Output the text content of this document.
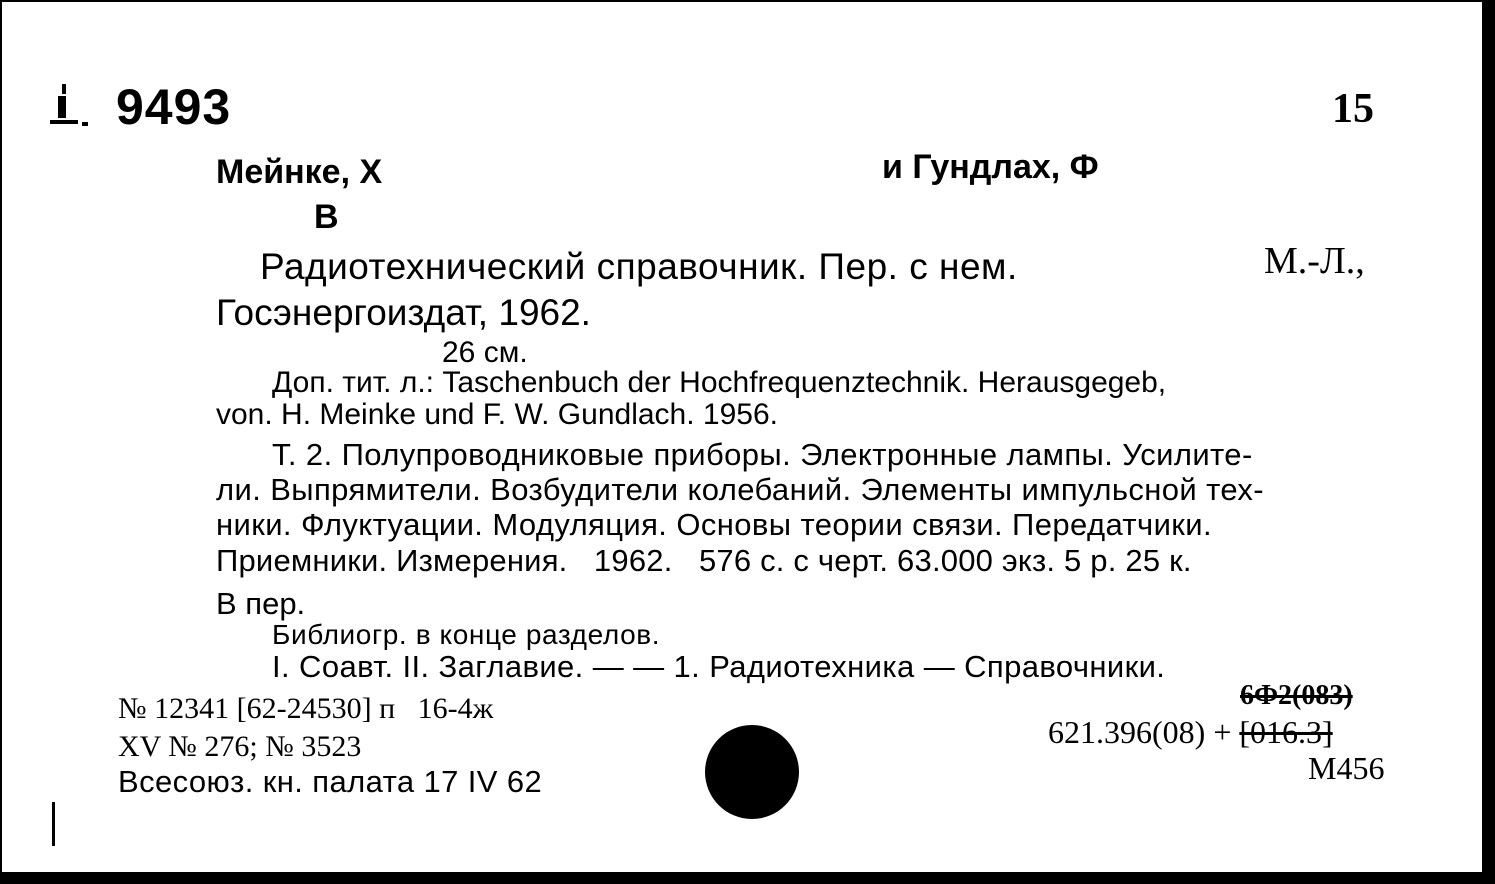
9493	15
Мейнке, Х	и Гундлах, Ф
В
Радиотехнический справочник. Пер. с нем.	М.-Л.,
Госэнергоиздат, 1962.
26 см.
Доп. тит. л.: Taschenbuch der Hochfrequenztechnik. Herausgegeb,
von. H. Meinke und F. W. Gundlach. 1956.
Т. 2. Полупроводниковые приборы. Электронные лампы. Усилите-
ли. Выпрямители. Возбудители колебаний. Элементы импульсной тех-
ники. Флуктуации. Модуляция. Основы теории связи. Передатчики.
Приемники. Измерения.   1962.   576 с. с черт. 63.000 экз. 5 р. 25 к.
В пер.
Библиогр. в конце разделов.
I. Соавт. II. Заглавие. — — 1. Радиотехника — Справочники.
№ 12341 [62-24530] п   16-4ж
XV № 276; № 3523
Всесоюз. кн. палата 17 IV 62
6Ф2(083)
621.396(08) + [016.3]
М456
